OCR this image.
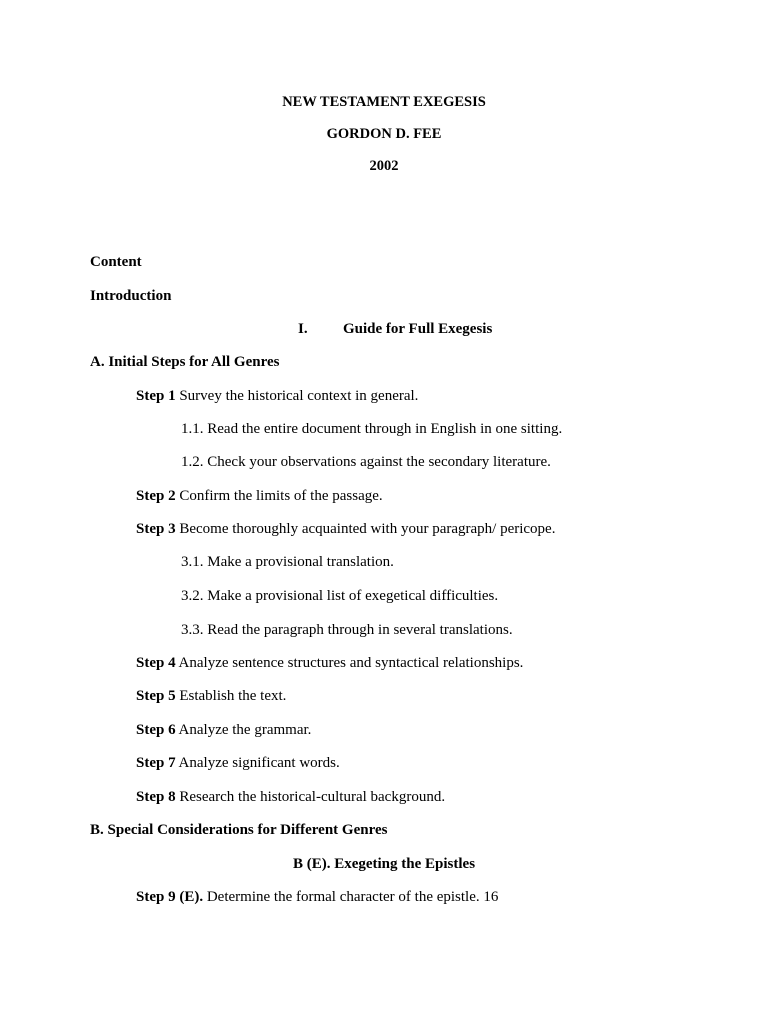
NEW TESTAMENT EXEGESIS
GORDON D. FEE
2002
Content
Introduction
I. Guide for Full Exegesis
A. Initial Steps for All Genres
Step 1 Survey the historical context in general.
1.1. Read the entire document through in English in one sitting.
1.2. Check your observations against the secondary literature.
Step 2 Confirm the limits of the passage.
Step 3 Become thoroughly acquainted with your paragraph/ pericope.
3.1. Make a provisional translation.
3.2. Make a provisional list of exegetical difficulties.
3.3. Read the paragraph through in several translations.
Step 4 Analyze sentence structures and syntactical relationships.
Step 5 Establish the text.
Step 6 Analyze the grammar.
Step 7 Analyze significant words.
Step 8 Research the historical-cultural background.
B. Special Considerations for Different Genres
B (E). Exegeting the Epistles
Step 9 (E). Determine the formal character of the epistle. 16
